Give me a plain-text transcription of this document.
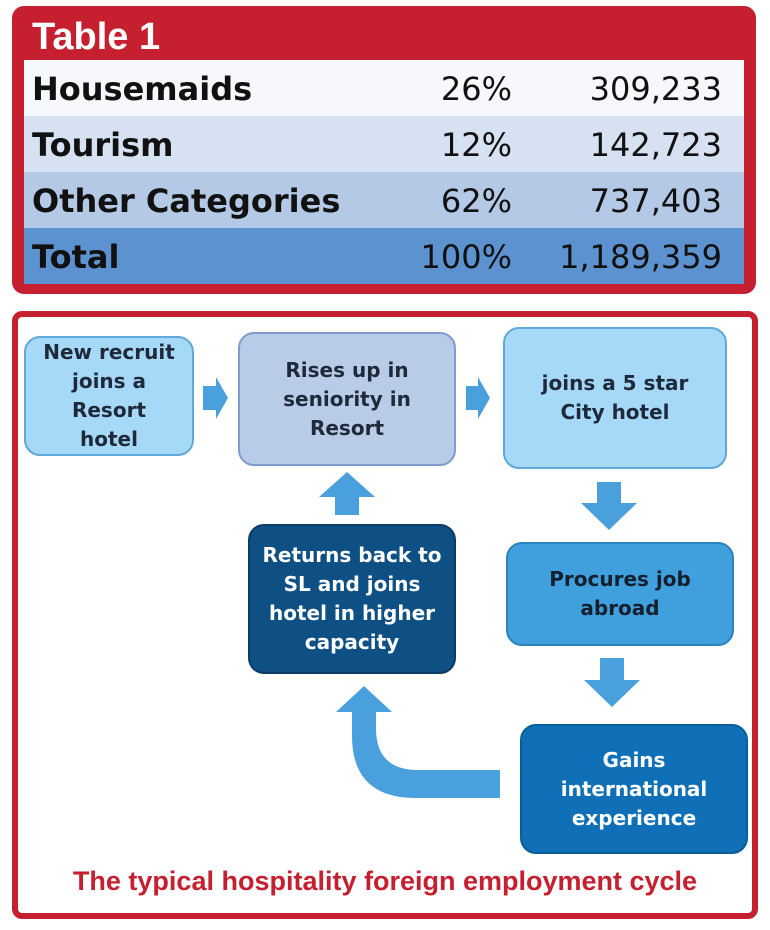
Table 1
Housemaids	26% 309,233
Tourism	12% 142,723
Other Categories	62% 737,403
Total	100% 1,189,359
New recruit
joins a Resort
hotel
Rises up in
seniority in
Resort
joins a 5 star
City hotel
Procures job
abroad
Gains
international
experience
Returns back to
SL and joins
hotel in higher
capacity
The typical hospitality foreign employment cycle
